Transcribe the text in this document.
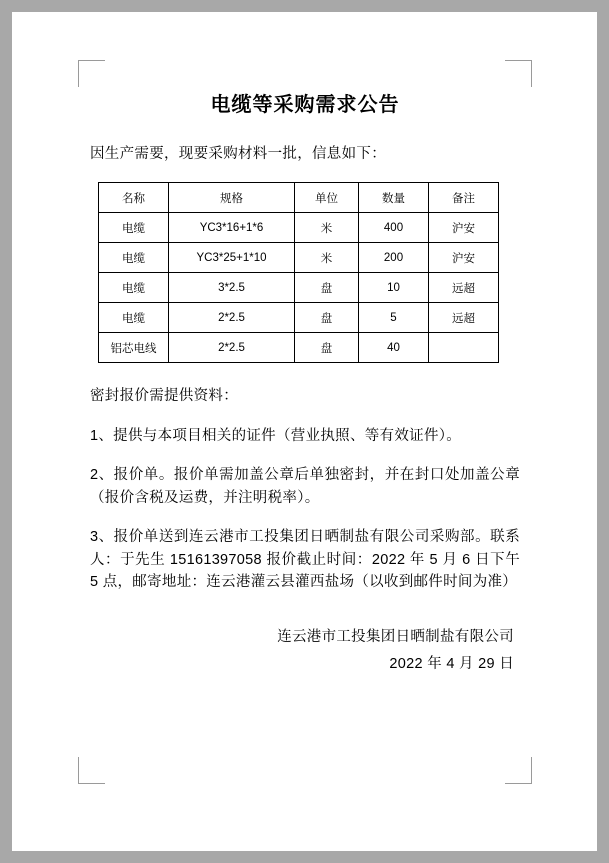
电缆等采购需求公告

因生产需要，现要采购材料一批，信息如下：

名称	规格	单位	数量	备注
电缆	YC3*16+1*6	米	400	沪安
电缆	YC3*25+1*10	米	200	沪安
电缆	3*2.5	盘	10	远超
电缆	2*2.5	盘	5	远超
铝芯电线	2*2.5	盘	40	

密封报价需提供资料：

1、提供与本项目相关的证件（营业执照、等有效证件）。

2、报价单。报价单需加盖公章后单独密封，并在封口处加盖公章（报价含税及运费，并注明税率）。

3、报价单送到连云港市工投集团日晒制盐有限公司采购部。联系人：于先生 15161397058 报价截止时间：2022 年 5 月 6 日下午 5 点，邮寄地址：连云港灌云县灌西盐场（以收到邮件时间为准）

连云港市工投集团日晒制盐有限公司
2022 年 4 月 29 日
